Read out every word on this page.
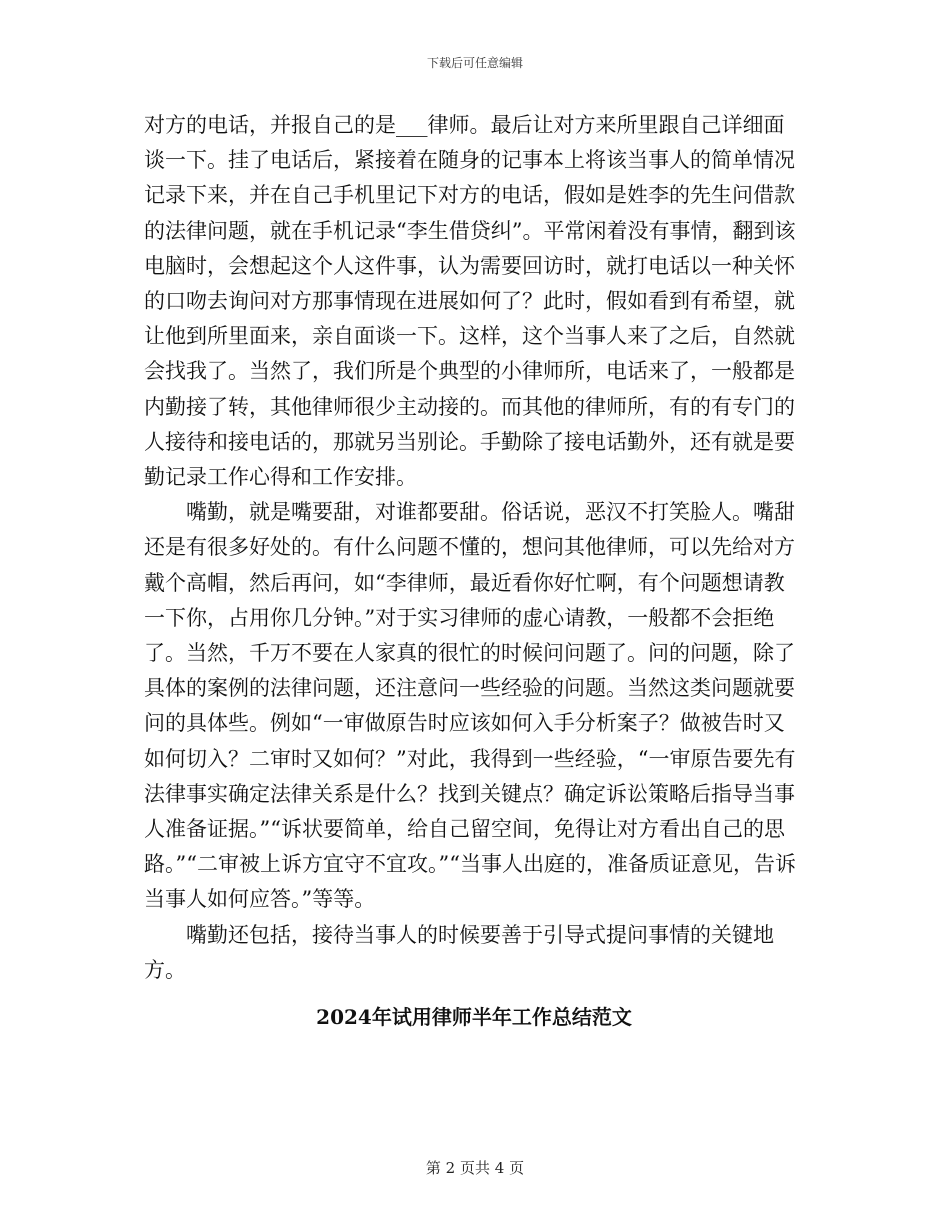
下载后可任意编辑

对方的电话，并报自己的是___律师。最后让对方来所里跟自己详细面谈一下。挂了电话后，紧接着在随身的记事本上将该当事人的简单情况记录下来，并在自己手机里记下对方的电话，假如是姓李的先生问借款的法律问题，就在手机记录“李生借贷纠”。平常闲着没有事情，翻到该电脑时，会想起这个人这件事，认为需要回访时，就打电话以一种关怀的口吻去询问对方那事情现在进展如何了？此时，假如看到有希望，就让他到所里面来，亲自面谈一下。这样，这个当事人来了之后，自然就会找我了。当然了，我们所是个典型的小律师所，电话来了，一般都是内勤接了转，其他律师很少主动接的。而其他的律师所，有的有专门的人接待和接电话的，那就另当别论。手勤除了接电话勤外，还有就是要勤记录工作心得和工作安排。

嘴勤，就是嘴要甜，对谁都要甜。俗话说，恶汉不打笑脸人。嘴甜还是有很多好处的。有什么问题不懂的，想问其他律师，可以先给对方戴个高帽，然后再问，如“李律师，最近看你好忙啊，有个问题想请教一下你，占用你几分钟。”对于实习律师的虚心请教，一般都不会拒绝了。当然，千万不要在人家真的很忙的时候问问题了。问的问题，除了具体的案例的法律问题，还注意问一些经验的问题。当然这类问题就要问的具体些。例如“一审做原告时应该如何入手分析案子？做被告时又如何切入？二审时又如何？”对此，我得到一些经验，“一审原告要先有法律事实确定法律关系是什么？找到关键点？确定诉讼策略后指导当事人准备证据。”“诉状要简单，给自己留空间，免得让对方看出自己的思路。”“二审被上诉方宜守不宜攻。”“当事人出庭的，准备质证意见，告诉当事人如何应答。”等等。

嘴勤还包括，接待当事人的时候要善于引导式提问事情的关键地方。

2024年试用律师半年工作总结范文

第 2 页共 4 页
